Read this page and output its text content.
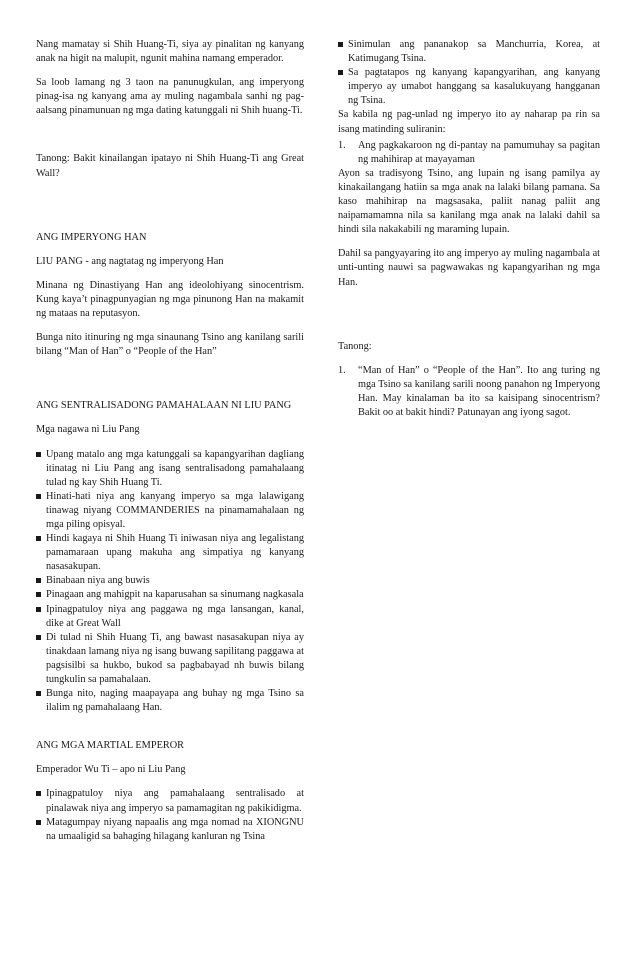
Nang mamatay si Shih Huang-Ti, siya ay pinalitan ng kanyang anak na higit na malupit, ngunit mahina namang emperador.

Sa loob lamang ng 3 taon na panunugkulan, ang imperyong pinag-isa ng kanyang ama ay muling nagambala sanhi ng pag-aalsang pinamunuan ng mga dating katunggali ni Shih huang-Ti.

Tanong: Bakit kinailangan ipatayo ni Shih Huang-Ti ang Great Wall?

ANG IMPERYONG HAN

LIU PANG - ang nagtatag ng imperyong Han

Minana ng Dinastiyang Han ang ideolohiyang sinocentrism. Kung kaya’t pinagpunyagian ng mga pinunong Han na makamit ng mataas na reputasyon.

Bunga nito itinuring ng mga sinaunang Tsino ang kanilang sarili bilang “Man of Han” o “People of the Han”

ANG SENTRALISADONG PAMAHALAAN NI LIU PANG

Mga nagawa ni Liu Pang

Upang matalo ang mga katunggali sa kapangyarihan dagliang itinatag ni Liu Pang ang isang sentralisadong pamahalaang tulad ng kay Shih Huang Ti.
Hinati-hati niya ang kanyang imperyo sa mga lalawigang tinawag niyang COMMANDERIES na pinamamahalaan ng mga piling opisyal.
Hindi kagaya ni Shih Huang Ti iniwasan niya ang legalistang pamamaraan upang makuha ang simpatiya ng kanyang nasasakupan.
Binabaan niya ang buwis
Pinagaan ang mahigpit na kaparusahan sa sinumang nagkasala
Ipinagpatuloy niya ang paggawa ng mga lansangan, kanal, dike at Great Wall
Di tulad ni Shih Huang Ti, ang bawast nasasakupan niya ay tinakdaan lamang niya ng isang buwang sapilitang paggawa at pagsisilbi sa hukbo, bukod sa pagbabayad nh buwis bilang tungkulin sa pamahalaan.
Bunga nito, naging maapayapa ang buhay ng mga Tsino sa ilalim ng pamahalaang Han.

ANG MGA MARTIAL EMPEROR

Emperador Wu Ti – apo ni Liu Pang

Ipinagpatuloy niya ang pamahalaang sentralisado at pinalawak niya ang imperyo sa pamamagitan ng pakikidigma.
Matagumpay niyang napaalis ang mga nomad na XIONGNU na umaaligid sa bahaging hilagang kanluran ng Tsina
Sinimulan ang pananakop sa Manchurria, Korea, at Katimugang Tsina.
Sa pagtatapos ng kanyang kapangyarihan, ang kanyang imperyo ay umabot hanggang sa kasalukuyang hangganan ng Tsina.

Sa kabila ng pag-unlad ng imperyo ito ay naharap pa rin sa isang matinding suliranin:

1. Ang pagkakaroon ng di-pantay na pamumuhay sa pagitan ng mahihirap at mayayaman

Ayon sa tradisyong Tsino, ang lupain ng isang pamilya ay kinakailangang hatiin sa mga anak na lalaki bilang pamana. Sa kaso mahihirap na magsasaka, paliit nanag paliit ang naipamamamna nila sa kanilang mga anak na lalaki dahil sa hindi sila nakakabili ng maraming lupain.

Dahil sa pangyayaring ito ang imperyo ay muling nagambala at unti-unting nauwi sa pagwawakas ng kapangyarihan ng mga Han.

Tanong:

1. “Man of Han” o “People of the Han”. Ito ang turing ng mga Tsino sa kanilang sarili noong panahon ng Imperyong Han. May kinalaman ba ito sa kaisipang sinocentrism? Bakit oo at bakit hindi? Patunayan ang iyong sagot.
